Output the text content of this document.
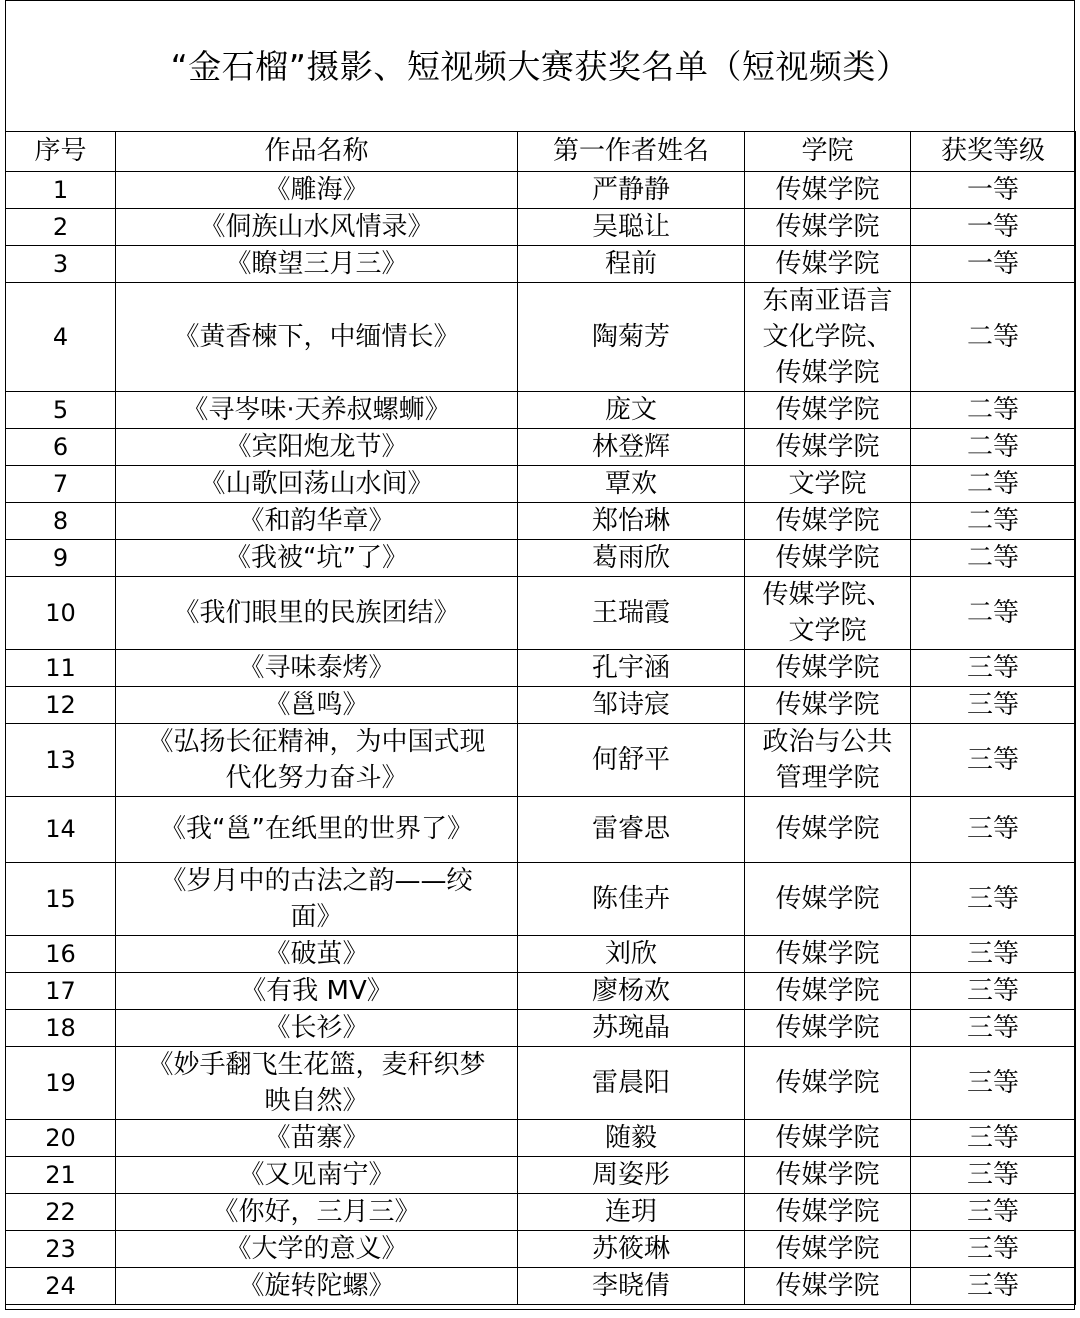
“金石榴”摄影、短视频大赛获奖名单（短视频类）
序号	作品名称	第一作者姓名	学院	获奖等级
1	《雕海》	严静静	传媒学院	一等
2	《侗族山水风情录》	吴聪让	传媒学院	一等
3	《瞭望三月三》	程前	传媒学院	一等
4	《黄香楝下，中缅情长》	陶菊芳	东南亚语言文化学院、传媒学院	二等
5	《寻岑味·天养叔螺蛳》	庞文	传媒学院	二等
6	《宾阳炮龙节》	林登辉	传媒学院	二等
7	《山歌回荡山水间》	覃欢	文学院	二等
8	《和韵华章》	郑怡琳	传媒学院	二等
9	《我被“坑”了》	葛雨欣	传媒学院	二等
10	《我们眼里的民族团结》	王瑞霞	传媒学院、文学院	二等
11	《寻味泰烤》	孔宇涵	传媒学院	三等
12	《邕鸣》	邹诗宸	传媒学院	三等
13	《弘扬长征精神，为中国式现代化努力奋斗》	何舒平	政治与公共管理学院	三等
14	《我“邕”在纸里的世界了》	雷睿思	传媒学院	三等
15	《岁月中的古法之韵——绞面》	陈佳卉	传媒学院	三等
16	《破茧》	刘欣	传媒学院	三等
17	《有我 MV》	廖杨欢	传媒学院	三等
18	《长衫》	苏琬晶	传媒学院	三等
19	《妙手翻飞生花篮，麦秆织梦映自然》	雷晨阳	传媒学院	三等
20	《苗寨》	随毅	传媒学院	三等
21	《又见南宁》	周姿彤	传媒学院	三等
22	《你好，三月三》	连玥	传媒学院	三等
23	《大学的意义》	苏筱琳	传媒学院	三等
24	《旋转陀螺》	李晓倩	传媒学院	三等
